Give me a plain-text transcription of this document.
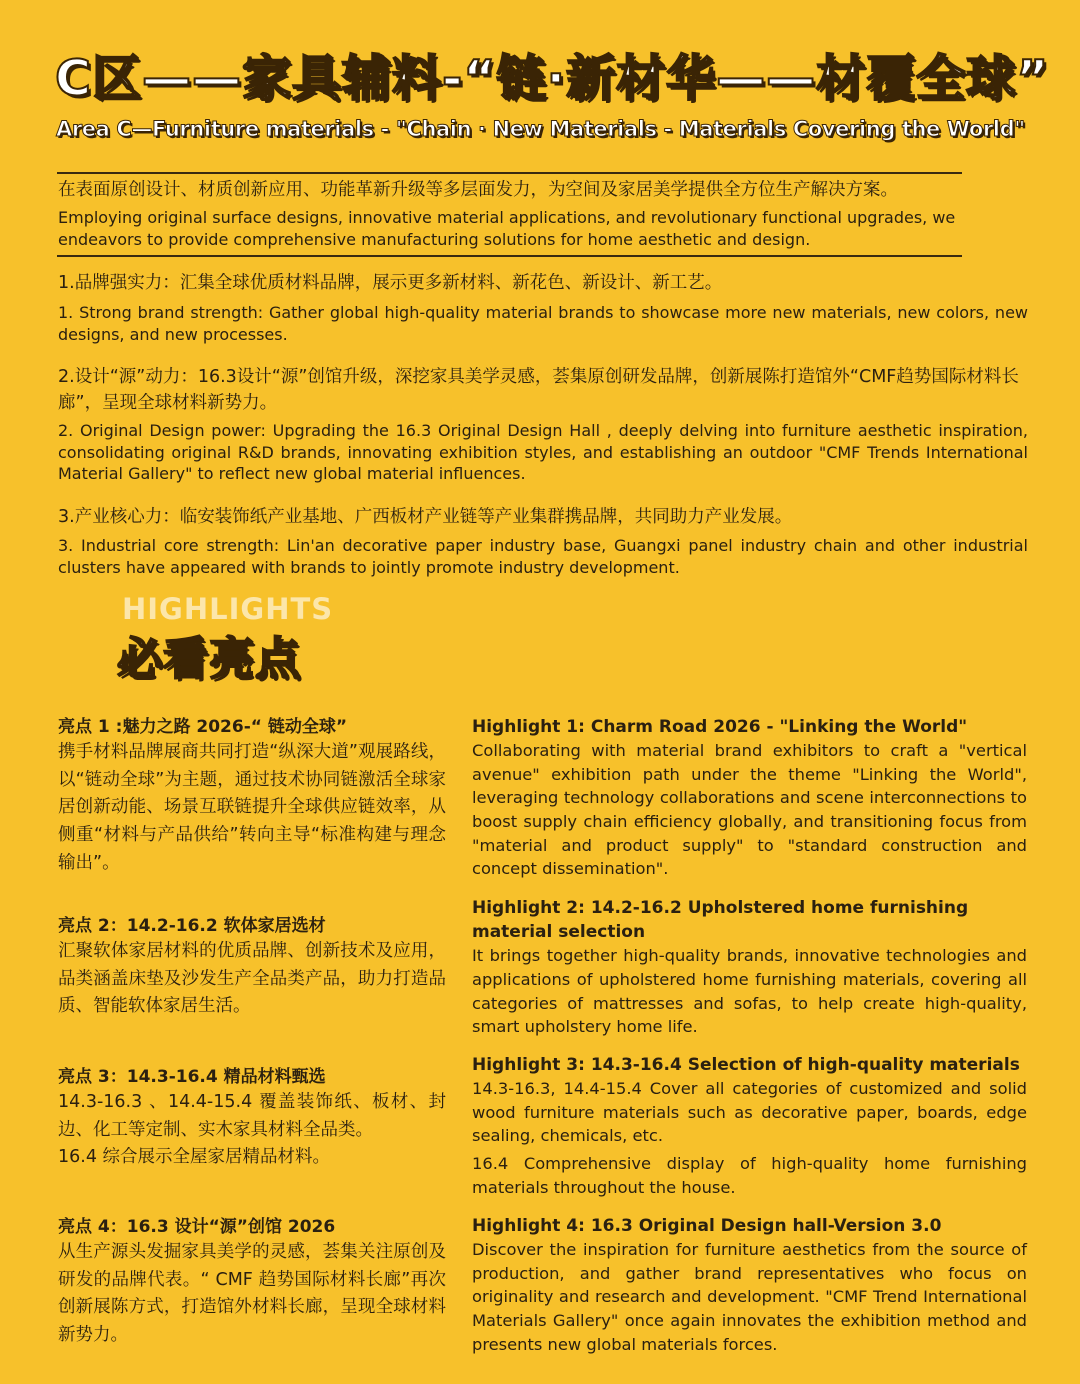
C区——家具辅料-“链·新材华——材覆全球”
Area C—Furniture materials - "Chain · New Materials - Materials Covering the World"
在表面原创设计、材质创新应用、功能革新升级等多层面发力，为空间及家居美学提供全方位生产解决方案。
Employing original surface designs, innovative material applications, and revolutionary functional upgrades, we endeavors to provide comprehensive manufacturing solutions for home aesthetic and design.
1.品牌强实力：汇集全球优质材料品牌，展示更多新材料、新花色、新设计、新工艺。
1. Strong brand strength: Gather global high-quality material brands to showcase more new materials, new colors, new designs, and new processes.
2.设计“源”动力：16.3设计“源”创馆升级，深挖家具美学灵感，荟集原创研发品牌，创新展陈打造馆外“CMF趋势国际材料长廊”，呈现全球材料新势力。
2. Original Design power: Upgrading the 16.3 Original Design Hall , deeply delving into furniture aesthetic inspiration, consolidating original R&D brands, innovating exhibition styles, and establishing an outdoor "CMF Trends International Material Gallery" to reflect new global material influences.
3.产业核心力：临安装饰纸产业基地、广西板材产业链等产业集群携品牌，共同助力产业发展。
3. Industrial core strength: Lin'an decorative paper industry base, Guangxi panel industry chain and other industrial clusters have appeared with brands to jointly promote industry development.
HIGHLIGHTS
必看亮点
亮点 1 :魅力之路 2026-“ 链动全球”
携手材料品牌展商共同打造“纵深大道”观展路线，以“链动全球”为主题，通过技术协同链激活全球家居创新动能、场景互联链提升全球供应链效率，从侧重“材料与产品供给”转向主导“标准构建与理念输出”。
Highlight 1: Charm Road 2026 - "Linking the World"
Collaborating with material brand exhibitors to craft a "vertical avenue" exhibition path under the theme "Linking the World", leveraging technology collaborations and scene interconnections to boost supply chain efficiency globally, and transitioning focus from "material and product supply" to "standard construction and concept dissemination".
亮点 2：14.2-16.2 软体家居选材
汇聚软体家居材料的优质品牌、创新技术及应用，品类涵盖床垫及沙发生产全品类产品，助力打造品质、智能软体家居生活。
Highlight 2: 14.2-16.2 Upholstered home furnishing material selection
It brings together high-quality brands, innovative technologies and applications of upholstered home furnishing materials, covering all categories of mattresses and sofas, to help create high-quality, smart upholstery home life.
亮点 3：14.3-16.4 精品材料甄选
14.3-16.3 、14.4-15.4 覆盖装饰纸、板材、封边、化工等定制、实木家具材料全品类。
16.4 综合展示全屋家居精品材料。
Highlight 3: 14.3-16.4 Selection of high-quality materials
14.3-16.3, 14.4-15.4 Cover all categories of customized and solid wood furniture materials such as decorative paper, boards, edge sealing, chemicals, etc.
16.4 Comprehensive display of high-quality home furnishing materials throughout the house.
亮点 4：16.3 设计“源”创馆 2026
从生产源头发掘家具美学的灵感，荟集关注原创及研发的品牌代表。“ CMF 趋势国际材料长廊”再次创新展陈方式，打造馆外材料长廊，呈现全球材料新势力。
Highlight 4: 16.3 Original Design hall-Version 3.0
Discover the inspiration for furniture aesthetics from the source of production, and gather brand representatives who focus on originality and research and development. "CMF Trend International Materials Gallery" once again innovates the exhibition method and presents new global materials forces.
